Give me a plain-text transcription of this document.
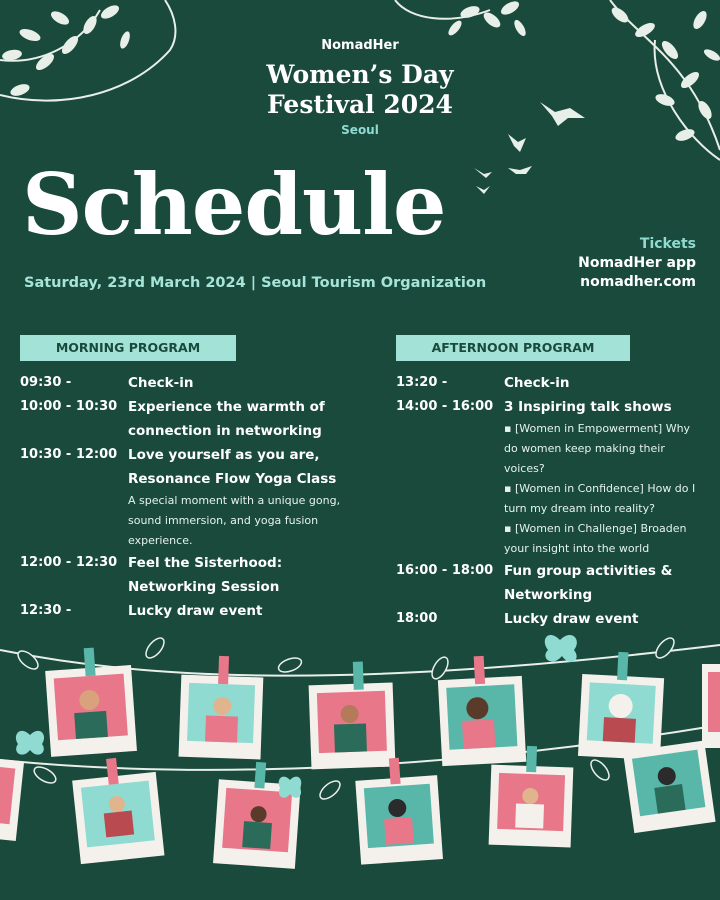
NomadHer
Women’s Day
Festival 2024
Seoul
Schedule	Tickets
NomadHer app
nomadher.com
Saturday, 23rd March 2024 | Seoul Tourism Organization
MORNING PROGRAM
09:30 -	Check-in
10:00 - 10:30 Experience the warmth of connection in networking
10:30 - 12:00 Love yourself as you are, Resonance Flow Yoga Class
A special moment with a unique gong, sound immersion, and yoga fusion experience.
12:00 - 12:30 Feel the Sisterhood: Networking Session
12:30 -	Lucky draw event
AFTERNOON PROGRAM
13:20 -	Check-in
14:00 - 16:00 3 Inspiring talk shows
▪ [Women in Empowerment] Why do women keep making their voices?
▪ [Women in Confidence] How do I turn my dream into reality?
▪ [Women in Challenge] Broaden your insight into the world
16:00 - 18:00 Fun group activities & Networking
18:00	Lucky draw event
